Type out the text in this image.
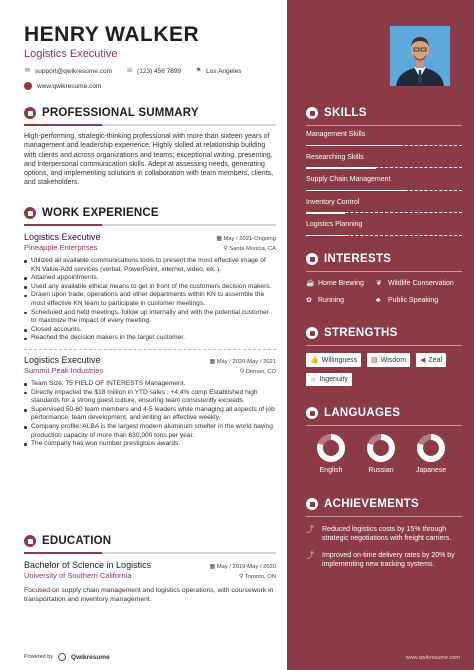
HENRY WALKER
Logistics Executive
✉ support@qwikresume.com ☏ (123) 456 7899 ⚑ Los Angeles
www.qwikresume.com
PROFESSIONAL SUMMARY
High-performing, strategic-thinking professional with more than sixteen years of management and leadership experience. Highly skilled at relationship building with clients and across organizations and teams; exceptional writing, presenting, and interpersonal communication skills. Adept at assessing needs, generating options, and implementing solutions in collaboration with team members, clients, and stakeholders.
WORK EXPERIENCE
Logistics Executive	▦ May / 2021-Ongoing
Pineapple Enterprises	⚲ Santa Monica, CA
Utilized all available communications tools to present the most effective image of KN Value-Add services (verbal, PowerPoint, internet, video, etc.).
Attained appointments.
Used any available ethical means to get in front of the customers decision makers.
Drawn upon trade, operations and other departments within KN to assemble the most effective KN team to participate in customer meetings.
Scheduled and held meetings, follow up internally and with the potential customer to maximize the impact of every meeting.
Closed accounts.
Reached the decision makers in the target customer.
Logistics Executive	▦ May / 2020-May / 2021
Summit Peak Industries	⚲ Denver, CO
Team Size: 75 FIELD OF INTERESTS Management.
Directly impacted the $18 million in YTD sales ; +4.4% comp Established high standards for a strong guest culture, ensuring team consistently exceeds.
Supervised 50-60 team members and 4-5 leaders while managing all aspects of job performance, team development, and writing an effective weekly.
Company profile: ALBA is the largest modern aluminum smelter in the world having production capacity of more than 830,000 tons per year.
The company has won number prestigious awards.
EDUCATION
Bachelor of Science in Logistics	▦ May / 2019-May / 2020
University of Southern California	⚲ Toronto, ON
Focused on supply chain management and logistics operations, with coursework in transportation and inventory management.
Powered by	Qwikresume
SKILLS
Management Skills
Researching Skills
Supply Chain Management
Inventory Control
Logistics Planning
INTERESTS
☕ Home Brewing ❦ Wildlife Conservation
✿ Running	♣	Public Speaking
STRENGTHS
👍 Willingness ▤ Wisdom ◀ Zeal
☼ Ingenuity
LANGUAGES
English	Russian	Japanese
ACHIEVEMENTS
⤴ Reduced logistics costs by 15% through strategic negotiations with freight carriers.
⤴ Improved on-time delivery rates by 20% by implementing new tracking systems.
www.qwikresume.com
